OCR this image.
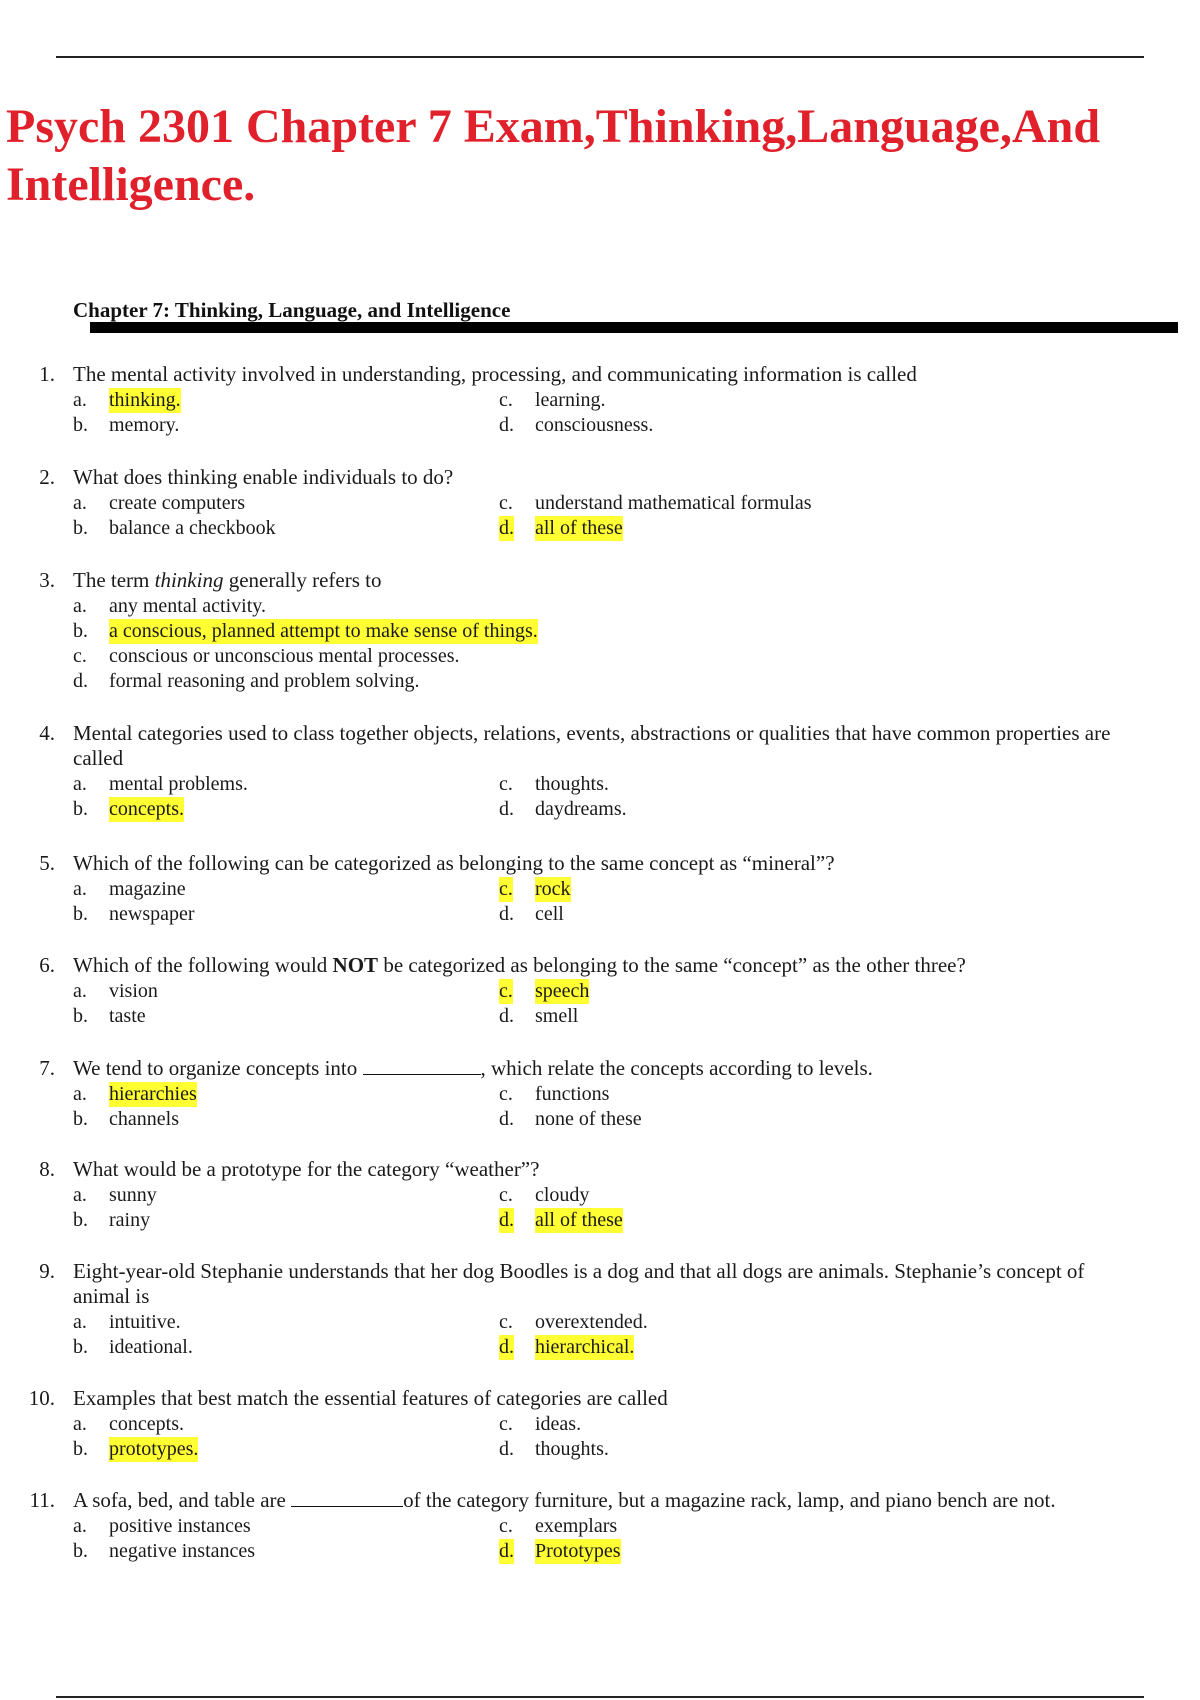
Psych 2301 Chapter 7 Exam,Thinking,Language,And Intelligence.
Chapter 7: Thinking, Language, and Intelligence
1. The mental activity involved in understanding, processing, and communicating information is called
a. thinking.	c. learning.
b. memory.	d. consciousness.
2. What does thinking enable individuals to do?
a. create computers	c. understand mathematical formulas
b. balance a checkbook	d. all of these
3. The term thinking generally refers to
a. any mental activity.
b. a conscious, planned attempt to make sense of things.
c. conscious or unconscious mental processes.
d. formal reasoning and problem solving.
4. Mental categories used to class together objects, relations, events, abstractions or qualities that have common properties are called
a. mental problems.	c. thoughts.
b. concepts.	d. daydreams.
5. Which of the following can be categorized as belonging to the same concept as “mineral”?
a. magazine	c. rock
b. newspaper	d. cell
6. Which of the following would NOT be categorized as belonging to the same “concept” as the other three?
a. vision	c. speech
b. taste	d. smell
7. We tend to organize concepts into	, which relate the concepts according to levels.
a. hierarchies	c. functions
b. channels	d. none of these
8. What would be a prototype for the category “weather”?
a. sunny	c. cloudy
b. rainy	d. all of these
9. Eight-year-old Stephanie understands that her dog Boodles is a dog and that all dogs are animals. Stephanie’s concept of animal is
a. intuitive.	c. overextended.
b. ideational.	d. hierarchical.
10. Examples that best match the essential features of categories are called
a. concepts.	c. ideas.
b. prototypes.	d. thoughts.
11. A sofa, bed, and table are	of the category furniture, but a magazine rack, lamp, and piano bench are not.
a. positive instances	c. exemplars
b. negative instances	d. Prototypes
